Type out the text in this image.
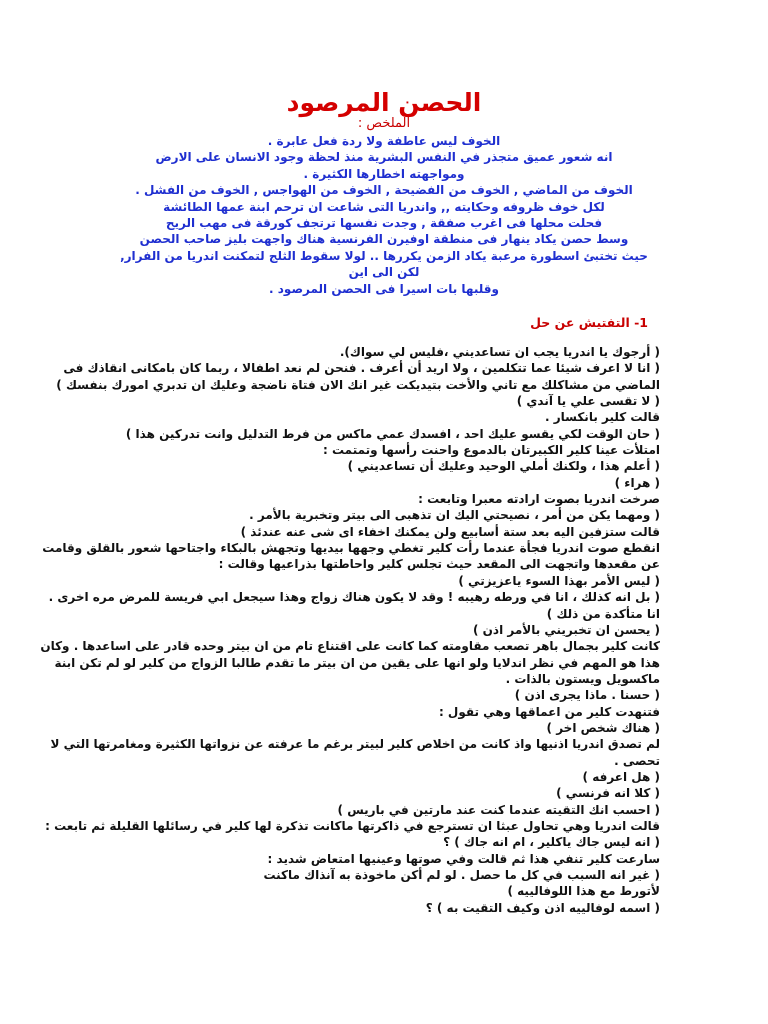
الحصن المرصود

الملخص :

الخوف ليس عاطفة ولا ردة فعل عابرة .

انه شعور عميق متجذر في النفس البشرية منذ لحظة وجود الانسان على الارض

ومواجهته اخطارها الكثيرة .

الخوف من الماضي , الخوف من الفضيحة , الخوف من الهواجس , الخوف من الفشل .

لكل خوف ظروفه وحكايته ,, واندريا التى شاعت ان ترحم ابنة عمها الطائشة

فحلت محلها فى اغرب صفقة , وجدت نفسها ترتجف كورقة فى مهب الريح

وسط حصن يكاد ينهار فى منطقة اوفيرن الفرنسية هناك واجهت بليز صاحب الحصن

حيث تختبئ اسطورة مرعبة يكاد الزمن يكررها .. لولا سقوط الثلج لتمكنت اندريا من الفرار,

لكن الى اين

وقلبها بات اسيرا فى الحصن المرصود .

1- التفتيش عن حل

( أرجوك يا اندريا يجب ان تساعديني ،فليس لي سواك).

( انا لا اعرف شيئا عما تتكلمين ، ولا اريد أن أعرف . فنحن لم نعد اطفالا ، ربما كان بامكانى انقاذك فى

الماضي من مشاكلك مع تاني والأخت بتيديكت غير انك الان فتاة ناضجة وعليك ان تدبري امورك بنفسك )

( لا تقسى علي يا آندي )

قالت كلير بانكسار .

( حان الوقت لكي يقسو عليك احد ، افسدك عمي ماكس من فرط التدليل وانت تدركين هذا )

امتلأت عينا كلير الكبيرتان بالدموع واحنت رأسها وتمتمت :

( أعلم هذا ، ولكنك أملي الوحيد وعليك أن تساعديني )

( هراء )

صرخت اندريا بصوت ارادته معبرا وتابعت :

( ومهما يكن من أمر ، نصيحتي اليك ان تذهبى الى بيتر وتخبرية بالأمر .

قالت ستزفين اليه بعد ستة أسابيع ولن يمكنك اخفاء اى شى عنه عندئذ )

انقطع صوت اندريا فجأة عندما رأت كلير تغطي وجهها بيديها وتجهش بالبكاء واجتاحها شعور بالقلق وقامت

عن مقعدها واتجهت الى المقعد حيث تجلس كلير واحاطتها بذراعيها وقالت :

( ليس الأمر بهذا السوء ياعزيزتي )

( بل انه كذلك ، انا في ورطه رهيبه ! وقد لا يكون هناك زواج وهذا سيجعل ابي فريسة للمرض مره اخرى .

انا متأكدة من ذلك )

( يحسن ان تخبريني بالأمر اذن )

كانت كلير بجمال باهر تصعب مقاومته كما كانت على اقتناع تام من ان بيتر وحده قادر على اساعدها . وكان

هذا هو المهم في نظر اندلايا ولو انها على يقين من ان بيتر ما تقدم طالبا الزواج من كلير لو لم تكن ابنة

ماكسويل ويستون بالذات .

( حسنا . ماذا يجرى اذن )

فتنهدت كلير من اعماقها وهي تقول :

( هناك شخص اخر )

لم تصدق اندريا اذنيها واذ كانت من اخلاص كلير لبيتر برغم ما عرفته عن نزواتها الكثيرة ومغامرتها التي لا

تحصى .

( هل اعرفه )

( كلا انه فرنسي )

( احسب انك التقيته عندما كنت عند مارتين في باريس )

قالت اندريا وهي تحاول عبثا ان تسترجع في ذاكرتها ماكانت تذكرة لها كلير في رسائلها القليلة ثم تابعت :

( انه ليس جاك ياكلير ، ام انه جاك ) ؟

سارعت كلير تنفي هذا ثم قالت وفي صوتها وعينيها امتعاض شديد :

( غير انه السبب في كل ما حصل . لو لم أكن ماخوذة به آنذاك ماكنت

لأتورط مع هذا اللوفالييه )

( اسمه لوفالييه اذن وكيف التقيت به ) ؟
